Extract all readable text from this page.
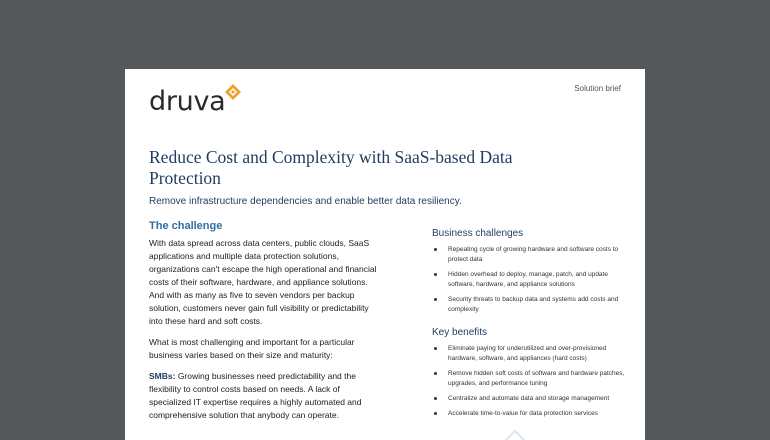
druva	Solution brief
Reduce Cost and Complexity with SaaS-based Data Protection
Remove infrastructure dependencies and enable better data resiliency.
The challenge

With data spread across data centers, public clouds, SaaS applications and multiple data protection solutions, organizations can't escape the high operational and financial costs of their software, hardware, and appliance solutions. And with as many as five to seven vendors per backup solution, customers never gain full visibility or predictability into these hard and soft costs.

What is most challenging and important for a particular business varies based on their size and maturity:

SMBs: Growing businesses need predictability and the flexibility to control costs based on needs. A lack of specialized IT expertise requires a highly automated and comprehensive solution that anybody can operate.

Business challenges
Repeating cycle of growing hardware and software costs to protect data
Hidden overhead to deploy, manage, patch, and update software, hardware, and appliance solutions
Security threats to backup data and systems add costs and complexity
Key benefits
Eliminate paying for underutilized and over-provisioned hardware, software, and appliances (hard costs)
Remove hidden soft costs of software and hardware patches, upgrades, and performance tuning
Centralize and automate data and storage management
Accelerate time-to-value for data protection services
